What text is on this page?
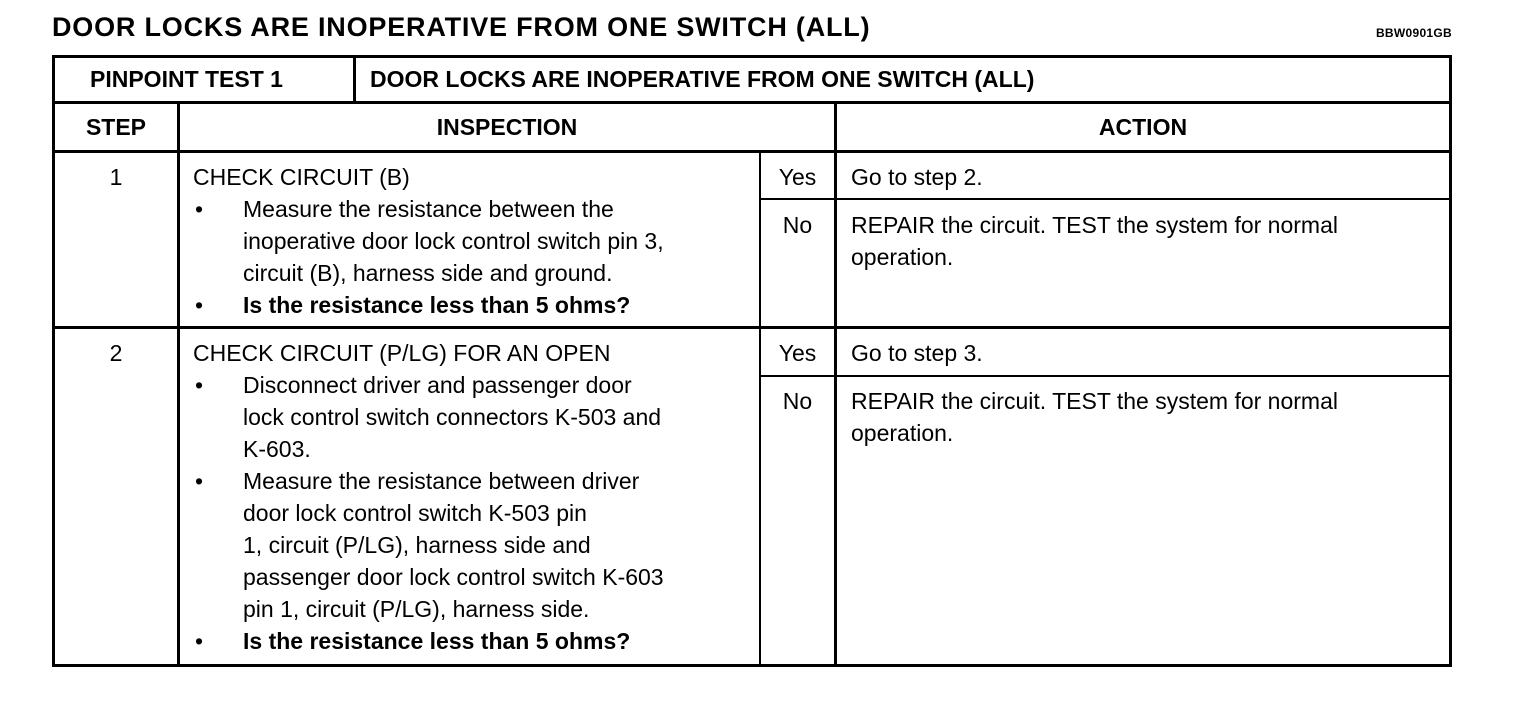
DOOR LOCKS ARE INOPERATIVE FROM ONE SWITCH (ALL)	BBW0901GB
PINPOINT TEST 1	DOOR LOCKS ARE INOPERATIVE FROM ONE SWITCH (ALL)
STEP	INSPECTION	ACTION
1	CHECK CIRCUIT (B)
• Measure the resistance between the
inoperative door lock control switch pin 3,
circuit (B), harness side and ground.
• Is the resistance less than 5 ohms?
Yes	Go to step 2.
No	REPAIR the circuit. TEST the system for normal
operation.
2	CHECK CIRCUIT (P/LG) FOR AN OPEN
• Disconnect driver and passenger door
lock control switch connectors K-503 and
K-603.
• Measure the resistance between driver
door lock control switch K-503 pin
1, circuit (P/LG), harness side and
passenger door lock control switch K-603
pin 1, circuit (P/LG), harness side.
• Is the resistance less than 5 ohms?
Yes	Go to step 3.
No	REPAIR the circuit. TEST the system for normal
operation.
